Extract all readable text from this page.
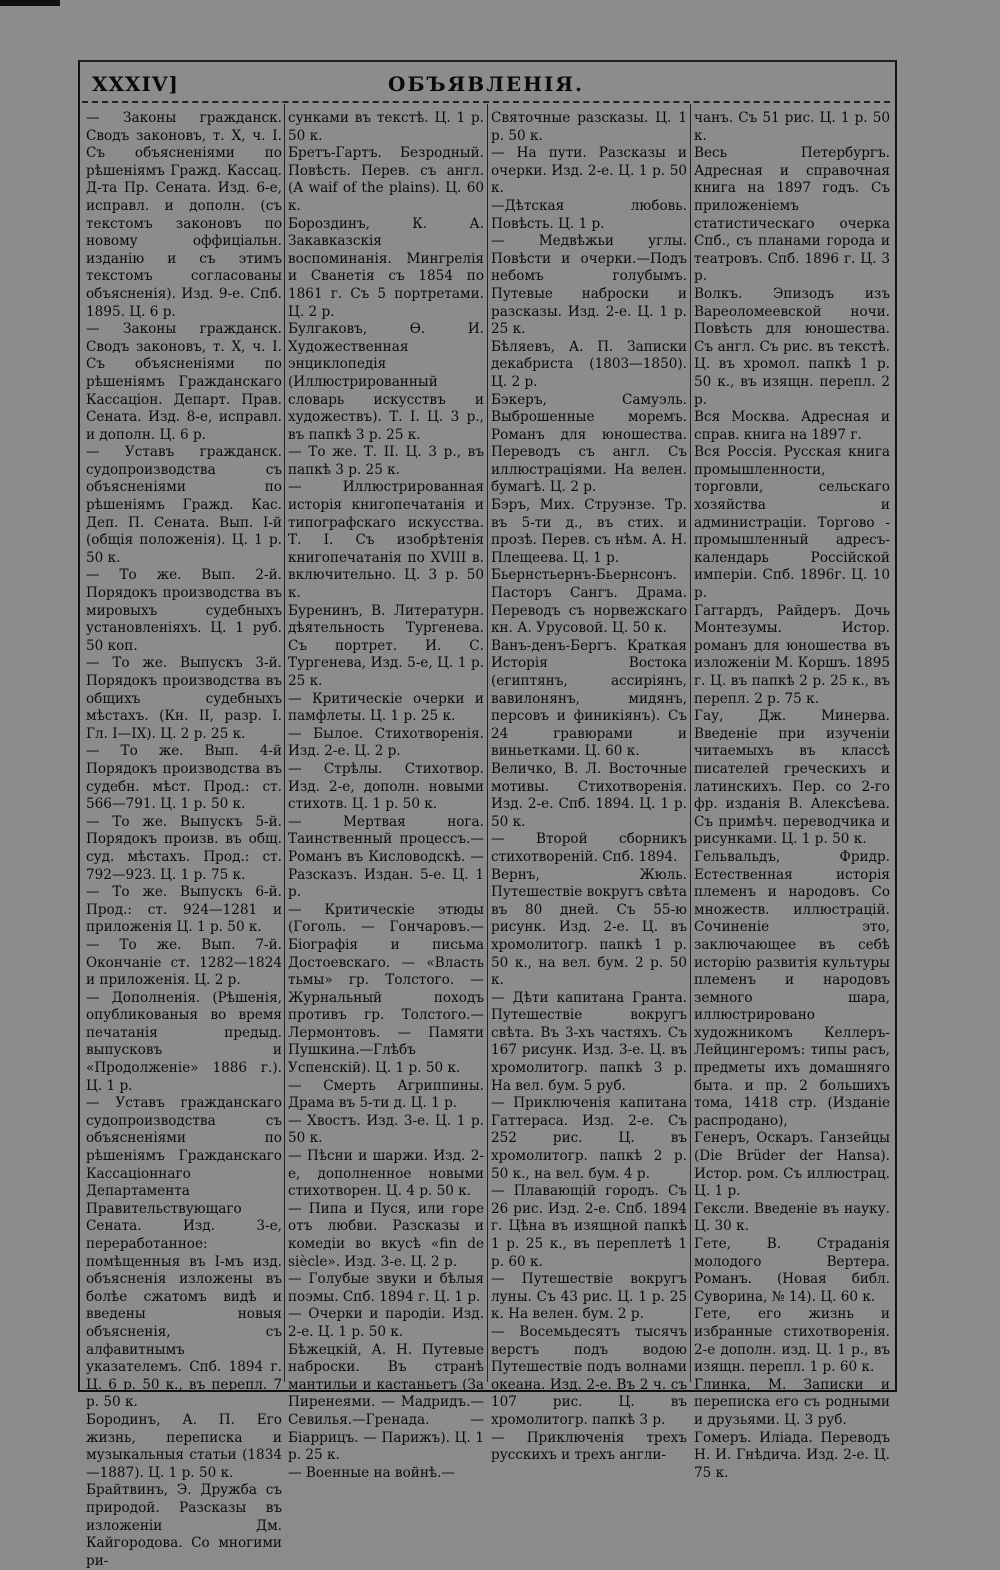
ОБЪЯВЛЕНІЯ.
XXXIV]

— Законы гражданск. Сводъ законовъ, т. X, ч. I. Съ объясненіями по рѣшеніямъ Гражд. Кассац. Д-та Пр. Сената. Изд. 6-е, исправл. и дополн. (съ текстомъ законовъ по новому оффиціальн. изданію и съ этимъ текстомъ согласованы объясненія). Изд. 9-е. Спб. 1895. Ц. 6 р.

— Законы гражданск. Сводъ законовъ, т. X, ч. I. Съ объясненіями по рѣшеніямъ Гражданскаго Кассаціон. Департ. Прав. Сената. Изд. 8-е, исправл. и дополн. Ц. 6 р.

— Уставъ гражданск. судопроизводства съ объясненіями по рѣшеніямъ Гражд. Кас. Деп. П. Сената. Вып. I-й (общія положенія). Ц. 1 р. 50 к.

— То же. Вып. 2-й. Порядокъ производства въ мировыхъ судебныхъ установленіяхъ. Ц. 1 руб. 50 коп.

— То же. Выпускъ 3-й. Порядокъ производства въ общихъ судебныхъ мѣстахъ. (Кн. II, разр. I. Гл. I—IX). Ц. 2 р. 25 к.

— То же. Вып. 4-й Порядокъ производства въ судебн. мѣст. Прод.: ст. 566—791. Ц. 1 р. 50 к.

— То же. Выпускъ 5-й. Порядокъ произв. въ общ. суд. мѣстахъ. Прод.: ст. 792—923. Ц. 1 р. 75 к.

— То же. Выпускъ 6-й. Прод.: ст. 924—1281 и приложенія Ц. 1 р. 50 к.

— То же. Вып. 7-й. Окончаніе ст. 1282—1824 и приложенія. Ц. 2 р.

— Дополненія. (Рѣшенія, опубликованыя во время печатанія предыд. выпусковъ и «Продолженіе» 1886 г.). Ц. 1 р.

— Уставъ гражданскаго судопроизводства съ объясненіями по рѣшеніямъ Гражданскаго Кассаціоннаго Департамента Правительствующаго Сената. Изд. 3-е, переработанное: помѣщенныя въ I-мъ изд. объясненія изложены въ болѣе сжатомъ видѣ и введены новыя объясненія, съ алфавитнымъ указателемъ. Спб. 1894 г. Ц. 6 р. 50 к., въ перепл. 7 р. 50 к.

Бородинъ, А. П. Его жизнь, переписка и музыкальныя статьи (1834—1887). Ц. 1 р. 50 к.

Брайтвинъ, Э. Дружба съ природой. Разсказы въ изложеніи Дм. Кайгородова. Со многими ри-

сунками въ текстѣ. Ц. 1 р. 50 к.

Бретъ-Гартъ. Безродный. Повѣсть. Перев. съ англ. (A waif of the plains). Ц. 60 к.

Бороздинъ, К. А. Закавказскія воспоминанія. Мингрелія и Сванетія съ 1854 по 1861 г. Съ 5 портретами. Ц. 2 р.

Булгаковъ, Ѳ. И. Художественная энциклопедія (Иллюстрированный словарь искусствъ и художествъ). Т. I. Ц. 3 р., въ папкѣ 3 р. 25 к.

— То же. Т. II. Ц. 3 р., въ папкѣ 3 р. 25 к.

— Иллюстрированная исторія книгопечатанія и типографскаго искусства. Т. I. Съ изобрѣтенія книгопечатанія по XVIII в. включительно. Ц. 3 р. 50 к.

Буренинъ, В. Литературн. дѣятельность Тургенева. Съ портрет. И. С. Тургенева, Изд. 5-е, Ц. 1 р. 25 к.

— Критическіе очерки и памфлеты. Ц. 1 р. 25 к.

— Былое. Стихотворенія. Изд. 2-е. Ц. 2 р.

— Стрѣлы. Стихотвор. Изд. 2-е, дополн. новыми стихотв. Ц. 1 р. 50 к.

— Мертвая нога. Таинственный процессъ.— Романъ въ Кисловодскѣ. —Разсказъ. Издан. 5-е. Ц. 1 р.

— Критическіе этюды (Гоголь. — Гончаровъ.— Біографія и письма Достоевскаго. — «Власть тьмы» гр. Толстого. — Журнальный походъ противъ гр. Толстого.—Лермонтовъ. — Памяти Пушкина.—Глѣбъ Успенскій). Ц. 1 р. 50 к.

— Смерть Агриппины. Драма въ 5-ти д. Ц. 1 р.

— Хвостъ. Изд. 3-е. Ц. 1 р. 50 к.

— Пѣсни и шаржи. Изд. 2-е, дополненное новыми стихотворен. Ц. 4 р. 50 к.

— Пипа и Пуся, или горе отъ любви. Разсказы и комедіи во вкусѣ «fin de siècle». Изд. 3-е. Ц. 2 р.

— Голубые звуки и бѣлыя поэмы. Спб. 1894 г. Ц. 1 р.

— Очерки и пародіи. Изд. 2-е. Ц. 1 р. 50 к.

Бѣжецкій, А. Н. Путевые наброски. Въ странѣ мантильи и кастаньетъ (За Пиренеями. — Мадридъ.—Севилья.—Гренада. — Біаррицъ. — Парижъ). Ц. 1 р. 25 к.

— Военные на войнѣ.—

Святочные разсказы. Ц. 1 р. 50 к.

— На пути. Разсказы и очерки. Изд. 2-е. Ц. 1 р. 50 к.

—Дѣтская любовь. Повѣсть. Ц. 1 р.

— Медвѣжьи углы. Повѣсти и очерки.—Подъ небомъ голубымъ. Путевые наброски и разсказы. Изд. 2-е. Ц. 1 р. 25 к.

Бѣляевъ, А. П. Записки декабриста (1803—1850). Ц. 2 р.

Бэкеръ, Самуэль. Выброшенные моремъ. Романъ для юношества. Переводъ съ англ. Съ иллюстраціями. На велен. бумагѣ. Ц. 2 р.

Бэръ, Мих. Струэнзе. Тр. въ 5-ти д., въ стих. и прозѣ. Перев. съ нѣм. А. Н. Плещеева. Ц. 1 р.

Бьернстьернъ-Бьернсонъ. Пасторъ Сангъ. Драма. Переводъ съ норвежскаго кн. А. Урусовой. Ц. 50 к.

Ванъ-денъ-Бергъ. Краткая Исторія Востока (египтянъ, ассиріянъ, вавилонянъ, мидянъ, персовъ и финикіянъ). Съ 24 гравюрами и виньетками. Ц. 60 к.

Величко, В. Л. Восточные мотивы. Стихотворенія. Изд. 2-е. Спб. 1894. Ц. 1 р. 50 к.

— Второй сборникъ стихотвореній. Спб. 1894.

Вернъ, Жюль. Путешествіе вокругъ свѣта въ 80 дней. Съ 55-ю рисунк. Изд. 2-е. Ц. въ хромолитогр. папкѣ 1 р. 50 к., на вел. бум. 2 р. 50 к.

— Дѣти капитана Гранта. Путешествіе вокругъ свѣта. Въ 3-хъ частяхъ. Съ 167 рисунк. Изд. 3-е. Ц. въ хромолитогр. папкѣ 3 р. На вел. бум. 5 руб.

— Приключенія капитана Гаттераса. Изд. 2-е. Съ 252 рис. Ц. въ хромолитогр. папкѣ 2 р. 50 к., на вел. бум. 4 р.

— Плавающій городъ. Съ 26 рис. Изд. 2-е. Спб. 1894 г. Цѣна въ изящной папкѣ 1 р. 25 к., въ переплетѣ 1 р. 60 к.

— Путешествіе вокругъ луны. Съ 43 рис. Ц. 1 р. 25 к. На велен. бум. 2 р.

— Восемьдесятъ тысячъ верстъ подъ водою Путешествіе подъ волнами океана. Изд. 2-е. Въ 2 ч. съ 107 рис. Ц. въ хромолитогр. папкѣ 3 р.

— Приключенія трехъ русскихъ и трехъ англи-

чанъ. Съ 51 рис. Ц. 1 р. 50 к.

Весь Петербургъ. Адресная и справочная книга на 1897 годъ. Съ приложеніемъ статистическаго очерка Спб., съ планами города и театровъ. Спб. 1896 г. Ц. 3 р.

Волкъ. Эпизодъ изъ Вареоломеевской ночи. Повѣсть для юношества. Съ англ. Съ рис. въ текстѣ. Ц. въ хромол. папкѣ 1 р. 50 к., въ изящн. перепл. 2 р.

Вся Москва. Адресная и справ. книга на 1897 г.

Вся Россія. Русская книга промышленности, торговли, сельскаго хозяйства и администраціи. Торгово - промышленный адресъ-календарь Россійской имперіи. Спб. 1896г. Ц. 10 р.

Гаггардъ, Райдеръ. Дочь Монтезумы. Истор. романъ для юношества въ изложеніи М. Коршъ. 1895 г. Ц. въ папкѣ 2 р. 25 к., въ перепл. 2 р. 75 к.

Гау, Дж. Минерва. Введеніе при изученіи читаемыхъ въ классѣ писателей греческихъ и латинскихъ. Пер. со 2-го фр. изданія В. Алексѣева. Съ примѣч. переводчика и рисунками. Ц. 1 р. 50 к.

Гельвальдъ, Фридр. Естественная исторія племенъ и народовъ. Со множеств. иллюстрацій. Сочиненіе это, заключающее въ себѣ исторію развитія культуры племенъ и народовъ земного шара, иллюстрировано художникомъ Келлеръ-Лейцингеромъ: типы расъ, предметы ихъ домашняго быта. и пр. 2 большихъ тома, 1418 стр. (Изданіе распродано),

Генеръ, Оскаръ. Ганзейцы (Die Brüder der Hansa). Истор. ром. Съ иллюстрац. Ц. 1 р.

Гексли. Введеніе въ науку. Ц. 30 к.

Гете, В. Страданія молодого Вертера. Романъ. (Новая библ. Суворина, № 14). Ц. 60 к.

Гете, его жизнь и избранные стихотворенія. 2-е дополн. изд. Ц. 1 р., въ изящн. перепл. 1 р. 60 к.

Глинка, М. Записки и переписка его съ родными и друзьями. Ц. 3 руб.

Гомеръ. Иліада. Переводъ Н. И. Гнѣдича. Изд. 2-е. Ц. 75 к.
